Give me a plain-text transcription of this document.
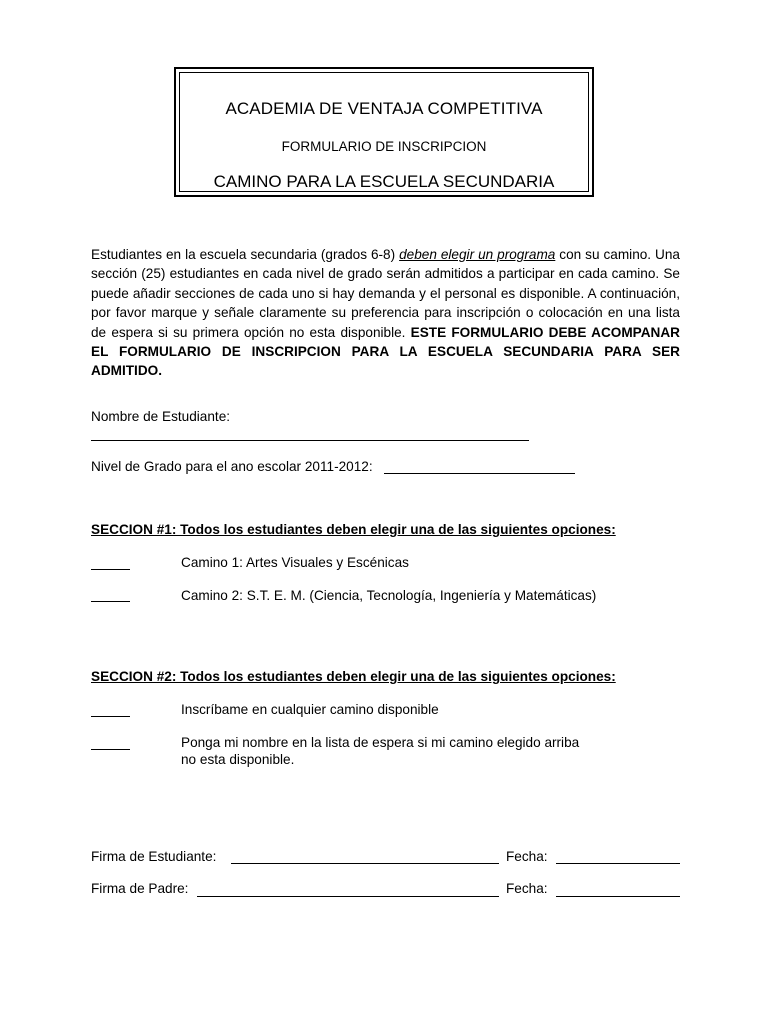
ACADEMIA DE VENTAJA COMPETITIVA
FORMULARIO DE INSCRIPCION
CAMINO PARA LA ESCUELA SECUNDARIA
Estudiantes en la escuela secundaria (grados 6-8) deben elegir un programa con su camino. Una sección (25) estudiantes en cada nivel de grado serán admitidos a participar en cada camino. Se puede añadir secciones de cada uno si hay demanda y el personal es disponible. A continuación, por favor marque y señale claramente su preferencia para inscripción o colocación en una lista de espera si su primera opción no esta disponible. ESTE FORMULARIO DEBE ACOMPANAR EL FORMULARIO DE INSCRIPCION PARA LA ESCUELA SECUNDARIA PARA SER ADMITIDO.
Nombre de Estudiante:
Nivel de Grado para el ano escolar 2011-2012:
SECCION #1: Todos los estudiantes deben elegir una de las siguientes opciones:
Camino 1: Artes Visuales y Escénicas
Camino 2: S.T. E. M. (Ciencia, Tecnología, Ingeniería y Matemáticas)
SECCION #2: Todos los estudiantes deben elegir una de las siguientes opciones:
Inscríbame en cualquier camino disponible
Ponga mi nombre en la lista de espera si mi camino elegido arriba
no esta disponible.
Firma de Estudiante:	Fecha:
Firma de Padre:	Fecha:
